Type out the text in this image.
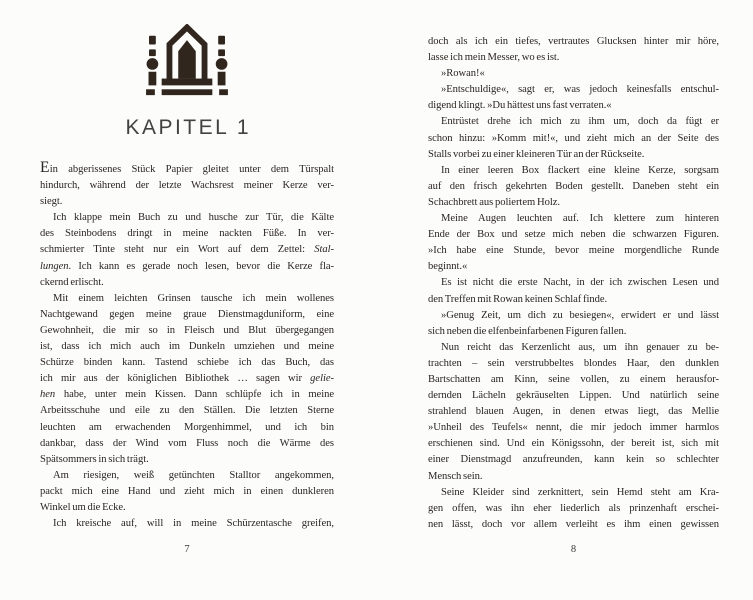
KAPITEL 1
Ein abgerissenes Stück Papier gleitet unter dem Türspalt
hindurch, während der letzte Wachsrest meiner Kerze ver-
siegt.
Ich klappe mein Buch zu und husche zur Tür, die Kälte
des Steinbodens dringt in meine nackten Füße. In ver-
schmierter Tinte steht nur ein Wort auf dem Zettel: Stal-
lungen. Ich kann es gerade noch lesen, bevor die Kerze fla-
ckernd erlischt.
Mit einem leichten Grinsen tausche ich mein wollenes
Nachtgewand gegen meine graue Dienstmagduniform, eine
Gewohnheit, die mir so in Fleisch und Blut übergegangen
ist, dass ich mich auch im Dunkeln umziehen und meine
Schürze binden kann. Tastend schiebe ich das Buch, das
ich mir aus der königlichen Bibliothek … sagen wir gelie-
hen habe, unter mein Kissen. Dann schlüpfe ich in meine
Arbeitsschuhe und eile zu den Ställen. Die letzten Sterne
leuchten am erwachenden Morgenhimmel, und ich bin
dankbar, dass der Wind vom Fluss noch die Wärme des
Spätsommers in sich trägt.
Am riesigen, weiß getünchten Stalltor angekommen,
packt mich eine Hand und zieht mich in einen dunkleren
Winkel um die Ecke.
Ich kreische auf, will in meine Schürzentasche greifen,
7
doch als ich ein tiefes, vertrautes Glucksen hinter mir höre,
lasse ich mein Messer, wo es ist.
»Rowan!«
»Entschuldige«, sagt er, was jedoch keinesfalls entschul-
digend klingt. »Du hättest uns fast verraten.«
Entrüstet drehe ich mich zu ihm um, doch da fügt er
schon hinzu: »Komm mit!«, und zieht mich an der Seite des
Stalls vorbei zu einer kleineren Tür an der Rückseite.
In einer leeren Box flackert eine kleine Kerze, sorgsam
auf den frisch gekehrten Boden gestellt. Daneben steht ein
Schachbrett aus poliertem Holz.
Meine Augen leuchten auf. Ich klettere zum hinteren
Ende der Box und setze mich neben die schwarzen Figuren.
»Ich habe eine Stunde, bevor meine morgendliche Runde
beginnt.«
Es ist nicht die erste Nacht, in der ich zwischen Lesen und
den Treffen mit Rowan keinen Schlaf finde.
»Genug Zeit, um dich zu besiegen«, erwidert er und lässt
sich neben die elfenbeinfarbenen Figuren fallen.
Nun reicht das Kerzenlicht aus, um ihn genauer zu be-
trachten – sein verstrubbeltes blondes Haar, den dunklen
Bartschatten am Kinn, seine vollen, zu einem herausfor-
dernden Lächeln gekräuselten Lippen. Und natürlich seine
strahlend blauen Augen, in denen etwas liegt, das Mellie
»Unheil des Teufels« nennt, die mir jedoch immer harmlos
erschienen sind. Und ein Königssohn, der bereit ist, sich mit
einer Dienstmagd anzufreunden, kann kein so schlechter
Mensch sein.
Seine Kleider sind zerknittert, sein Hemd steht am Kra-
gen offen, was ihn eher liederlich als prinzenhaft erschei-
nen lässt, doch vor allem verleiht es ihm einen gewissen
8
